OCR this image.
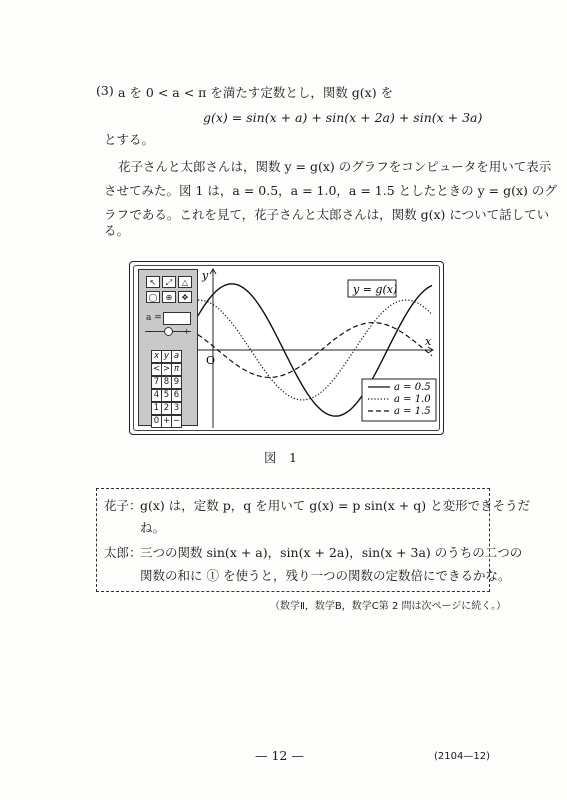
(3) a を 0 < a < π を満たす定数とし，関数 g(x) を
g(x) = sin(x + a) + sin(x + 2a) + sin(x + 3a)
とする。
花子さんと太郎さんは，関数 y = g(x) のグラフをコンピュータを用いて表示
させてみた。図 1 は，a = 0.5，a = 1.0，a = 1.5 としたときの y = g(x) のグ
ラフである。これを見て，花子さんと太郎さんは，関数 g(x) について話してい
る。
↖	⤢	△
◯	⊕	✥
a =
−	+
x y a
< > π
7 8 9
4 5 6
1 2 3
0 + −
y
x
O
y = g(x)
a = 0.5
a = 1.0
a = 1.5
図　1
花子：
g(x) は，定数 p，q を用いて g(x) = p sin(x + q) と変形できそうだ
ね。
太郎：
三つの関数 sin(x + a)，sin(x + 2a)，sin(x + 3a) のうちの二つの
関数の和に ① を使うと，残り一つの関数の定数倍にできるかな。
（数学Ⅱ，数学B，数学C第 2 問は次ページに続く。）
— 12 —	(2104—12)
